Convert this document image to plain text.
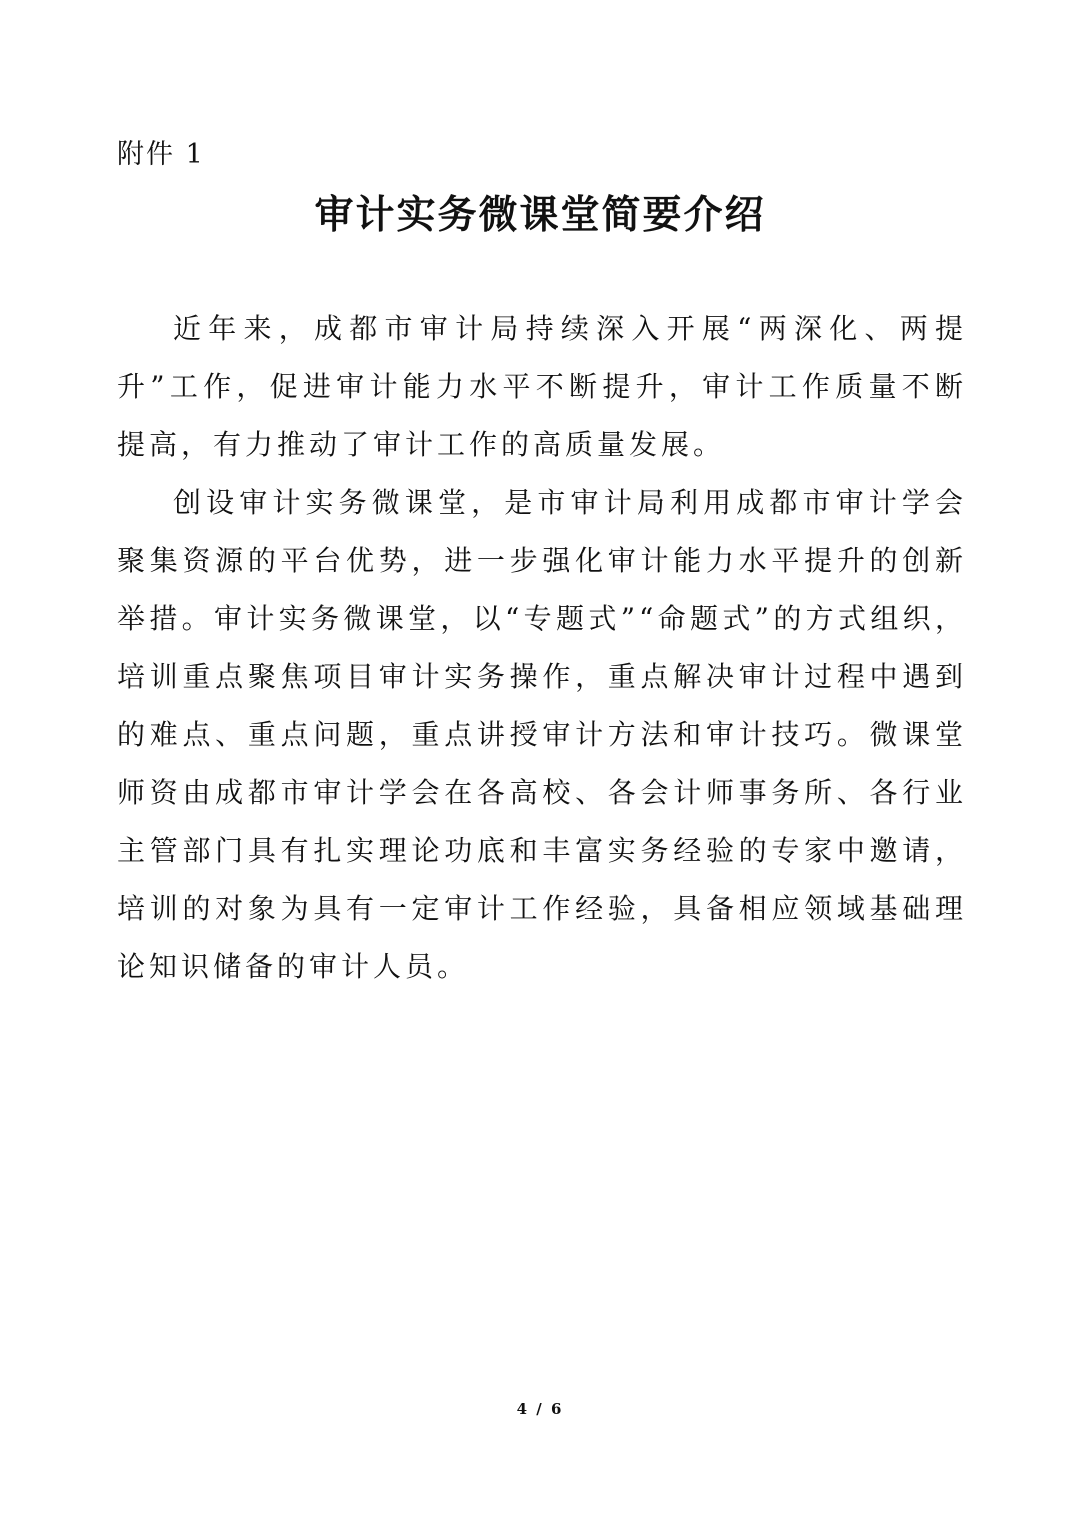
附件 1
审计实务微课堂简要介绍

近年来，成都市审计局持续深入开展“两深化、两提升”工作，促进审计能力水平不断提升，审计工作质量不断提高，有力推动了审计工作的高质量发展。

创设审计实务微课堂，是市审计局利用成都市审计学会聚集资源的平台优势，进一步强化审计能力水平提升的创新举措。审计实务微课堂，以“专题式”“命题式”的方式组织，培训重点聚焦项目审计实务操作，重点解决审计过程中遇到的难点、重点问题，重点讲授审计方法和审计技巧。微课堂师资由成都市审计学会在各高校、各会计师事务所、各行业主管部门具有扎实理论功底和丰富实务经验的专家中邀请，培训的对象为具有一定审计工作经验，具备相应领域基础理论知识储备的审计人员。

4 / 6
